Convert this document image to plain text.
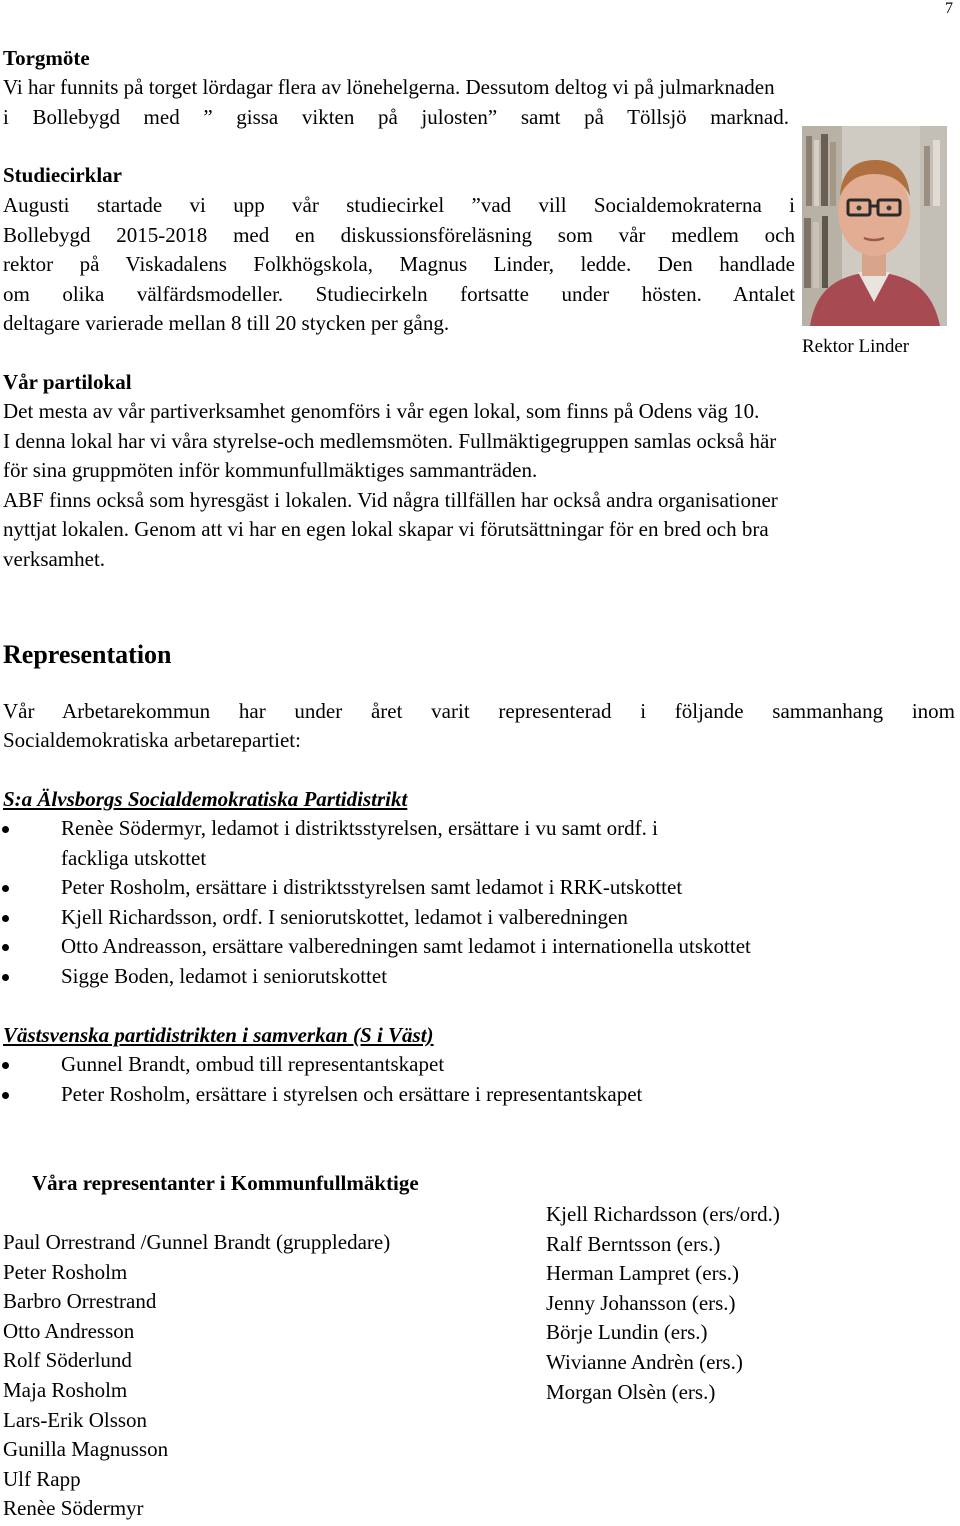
7
Torgmöte

Vi har funnits på torget lördagar flera av lönehelgerna. Dessutom deltog vi på julmarknaden

i Bollebygd med ” gissa vikten på julosten” samt på Töllsjö marknad.

Studiecirklar

Augusti startade vi upp vår studiecirkel ”vad vill Socialdemokraterna i

Bollebygd 2015-2018 med en diskussionsföreläsning som vår medlem och

rektor på Viskadalens Folkhögskola, Magnus Linder, ledde. Den handlade

om olika välfärdsmodeller. Studiecirkeln fortsatte under hösten. Antalet

deltagare varierade mellan 8 till 20 stycken per gång.

Rektor Linder
Vår partilokal

Det mesta av vår partiverksamhet genomförs i vår egen lokal, som finns på Odens väg 10.

I denna lokal har vi våra styrelse-och medlemsmöten. Fullmäktigegruppen samlas också här

för sina gruppmöten inför kommunfullmäktiges sammanträden.

ABF finns också som hyresgäst i lokalen. Vid några tillfällen har också andra organisationer

nyttjat lokalen. Genom att vi har en egen lokal skapar vi förutsättningar för en bred och bra

verksamhet.

Representation

Vår Arbetarekommun har under året varit representerad i följande sammanhang inom

Socialdemokratiska arbetarepartiet:

S:a Älvsborgs Socialdemokratiska Partidistrikt
Renèe Södermyr, ledamot i distriktsstyrelsen, ersättare i vu samt ordf. i
fackliga utskottet
Peter Rosholm, ersättare i distriktsstyrelsen samt ledamot i RRK-utskottet
Kjell Richardsson, ordf. I seniorutskottet, ledamot i valberedningen
Otto Andreasson, ersättare valberedningen samt ledamot i internationella utskottet
Sigge Boden, ledamot i seniorutskottet
Västsvenska partidistrikten i samverkan (S i Väst)
Gunnel Brandt, ombud till representantskapet
Peter Rosholm, ersättare i styrelsen och ersättare i representantskapet
Våra representanter i Kommunfullmäktige
Paul Orrestrand /Gunnel Brandt (gruppledare)
Peter Rosholm
Barbro Orrestrand
Otto Andresson
Rolf Söderlund
Maja Rosholm
Lars-Erik Olsson
Gunilla Magnusson
Ulf Rapp
Renèe Södermyr
Kjell Richardsson (ers/ord.)
Ralf Berntsson (ers.)
Herman Lampret (ers.)
Jenny Johansson (ers.)
Börje Lundin (ers.)
Wivianne Andrèn (ers.)
Morgan Olsèn (ers.)
